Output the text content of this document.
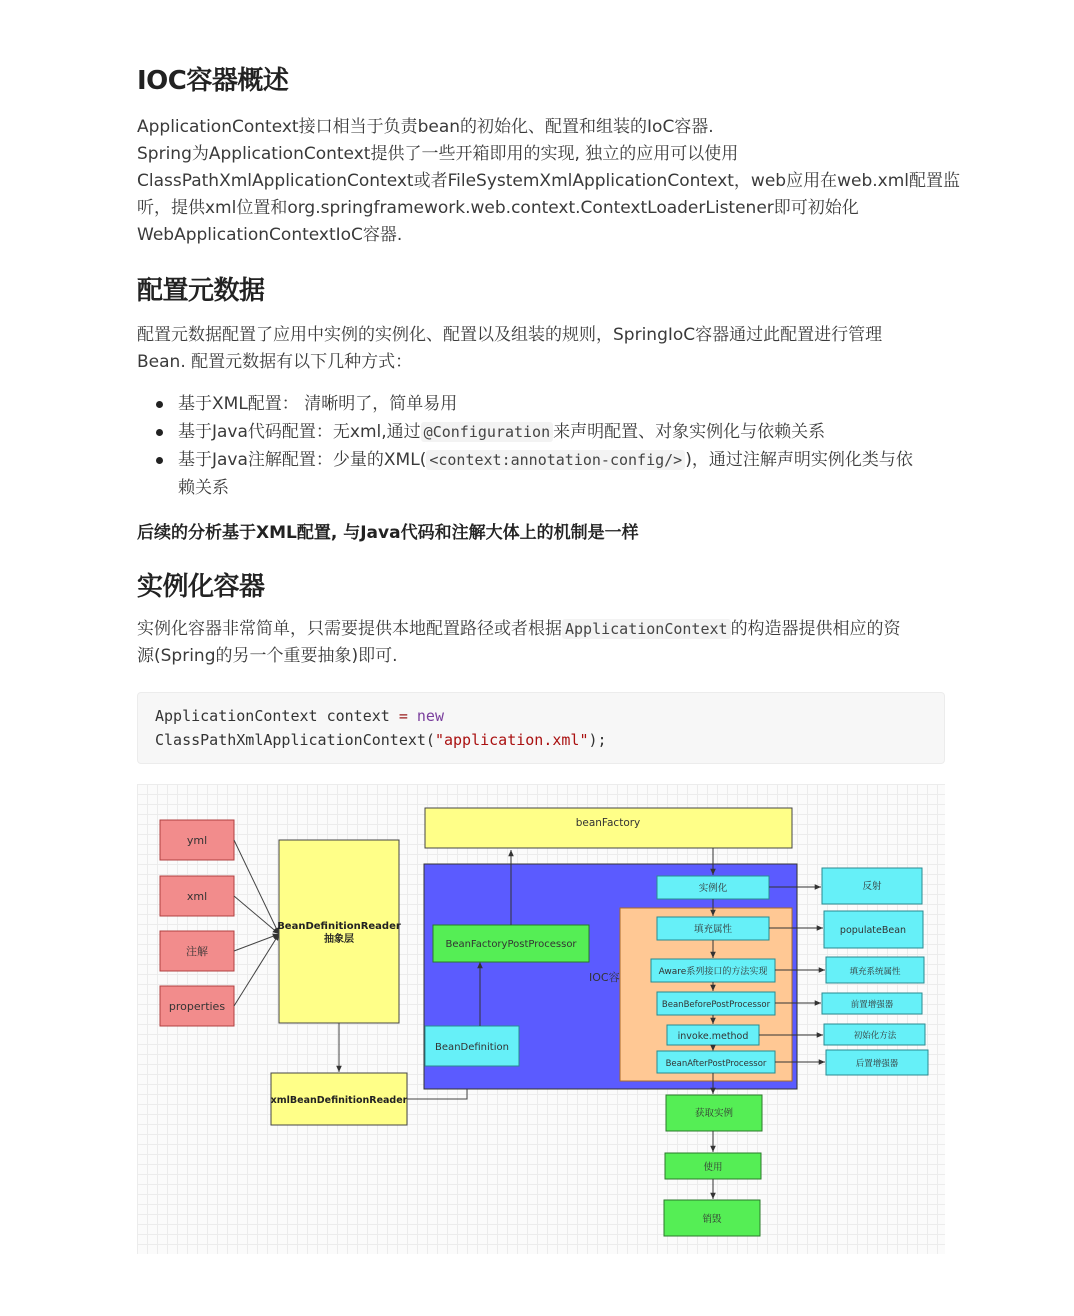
IOC容器概述
ApplicationContext接口相当于负责bean的初始化、配置和组装的IoC容器.
Spring为ApplicationContext提供了一些开箱即用的实现, 独立的应用可以使用
ClassPathXmlApplicationContext或者FileSystemXmlApplicationContext，web应用在web.xml配置监
听，提供xml位置和org.springframework.web.context.ContextLoaderListener即可初始化
WebApplicationContextIoC容器.
配置元数据
配置元数据配置了应用中实例的实例化、配置以及组装的规则，SpringIoC容器通过此配置进行管理
Bean. 配置元数据有以下几种方式：
基于XML配置： 清晰明了，简单易用
基于Java代码配置：无xml,通过 @Configuration 来声明配置、对象实例化与依赖关系
基于Java注解配置：少量的XML( <context:annotation-config/> )，通过注解声明实例化类与依
赖关系
后续的分析基于XML配置, 与Java代码和注解大体上的机制是一样
实例化容器
实例化容器非常简单，只需要提供本地配置路径或者根据 ApplicationContext 的构造器提供相应的资
源(Spring的另一个重要抽象)即可.
ApplicationContext context = new
ClassPathXmlApplicationContext("application.xml");
yml
xml
注解
properties
BeanDefinitionReader
抽象层
xmlBeanDefinitionReader
beanFactory
IOC容
BeanDefinition
BeanFactoryPostProcessor
实例化
填充属性
Aware系列接口的方法实现
BeanBeforePostProcessor
invoke.method
BeanAfterPostProcessor
反射
populateBean
填充系统属性
前置增强器
初始化方法
后置增强器
获取实例
使用
销毁
